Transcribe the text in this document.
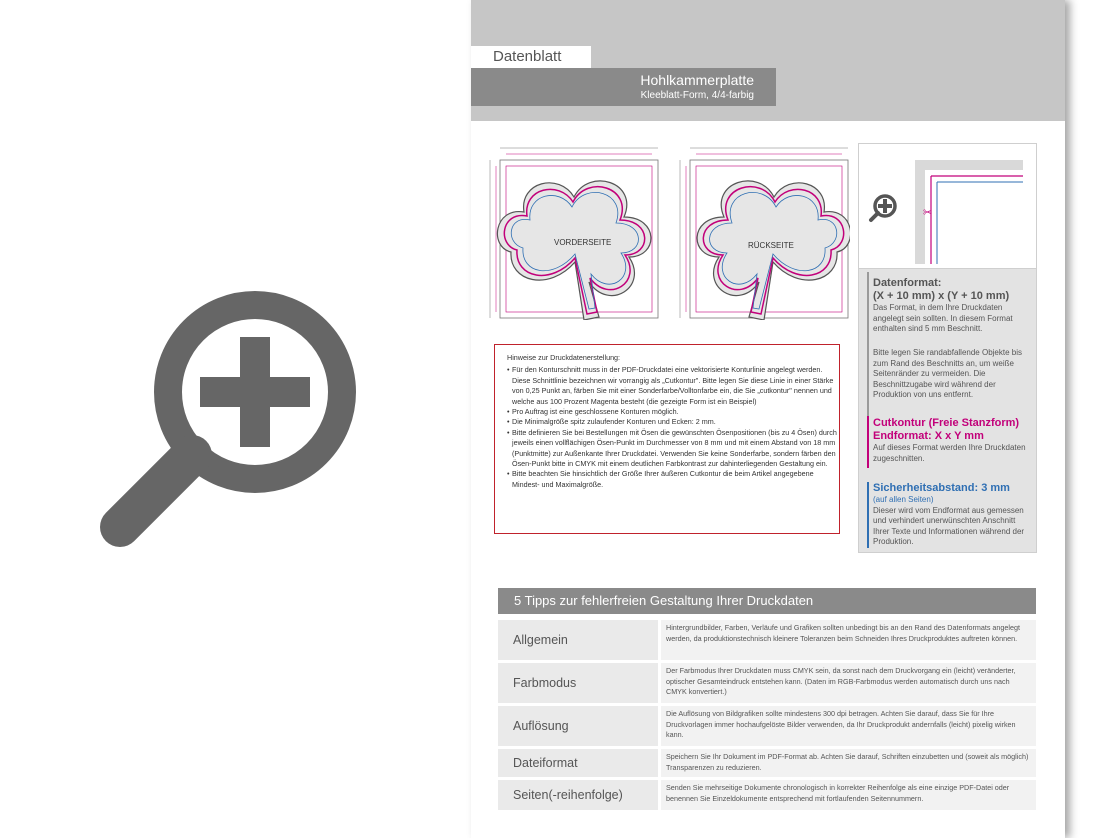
Datenblatt
Hohlkammerplatte
Kleeblatt-Form, 4/4-farbig
VORDERSEITE	RÜCKSEITE
✂
Datenformat:
(X + 10 mm) x (Y + 10 mm)
Das Format, in dem Ihre Druckdaten angelegt sein sollten. In diesem Format enthalten sind 5 mm Beschnitt.
Bitte legen Sie randabfallende Objekte bis zum Rand des Beschnitts an, um weiße Seitenränder zu vermeiden. Die Beschnittzugabe wird während der Produktion von uns entfernt.
Cutkontur (Freie Stanzform)
Endformat: X x Y mm
Auf dieses Format werden Ihre Druckdaten zugeschnitten.
Sicherheitsabstand: 3 mm
(auf allen Seiten)
Dieser wird vom Endformat aus gemessen und verhindert unerwünschten Anschnitt Ihrer Texte und Informationen während der Produktion.
Hinweise zur Druckdatenerstellung:
• Für den Konturschnitt muss in der PDF-Druckdatei eine vektorisierte Konturlinie angelegt werden. Diese Schnittlinie bezeichnen wir vorrangig als „Cutkontur". Bitte legen Sie diese Linie in einer Stärke von 0,25 Punkt an, färben Sie mit einer Sonderfarbe/Volltonfarbe ein, die Sie „cutkontur" nennen und welche aus 100 Prozent Magenta besteht (die gezeigte Form ist ein Beispiel)
• Pro Auftrag ist eine geschlossene Konturen möglich.
• Die Minimalgröße spitz zulaufender Konturen und Ecken: 2 mm.
• Bitte definieren Sie bei Bestellungen mit Ösen die gewünschten Ösenpositionen (bis zu 4 Ösen) durch jeweils einen vollflächigen Ösen-Punkt im Durchmesser von 8 mm und mit einem Abstand von 18 mm (Punktmitte) zur Außenkante Ihrer Druckdatei. Verwenden Sie keine Sonderfarbe, sondern färben den Ösen-Punkt bitte in CMYK mit einem deutlichen Farbkontrast zur dahinterliegenden Gestaltung ein.
• Bitte beachten Sie hinsichtlich der Größe Ihrer äußeren Cutkontur die beim Artikel angegebene Mindest- und Maximalgröße.
5 Tipps zur fehlerfreien Gestaltung Ihrer Druckdaten
Allgemein
Hintergrundbilder, Farben, Verläufe und Grafiken sollten unbedingt bis an den Rand des Datenformats angelegt werden, da produktionstechnisch kleinere Toleranzen beim Schneiden Ihres Druckproduktes auftreten können.
Farbmodus
Der Farbmodus Ihrer Druckdaten muss CMYK sein, da sonst nach dem Druckvorgang ein (leicht) veränderter, optischer Gesamteindruck entstehen kann. (Daten im RGB-Farbmodus werden automatisch durch uns nach CMYK konvertiert.)
Auflösung
Die Auflösung von Bildgrafiken sollte mindestens 300 dpi betragen. Achten Sie darauf, dass Sie für Ihre Druckvorlagen immer hochaufgelöste Bilder verwenden, da Ihr Druckprodukt andernfalls (leicht) pixelig wirken kann.
Dateiformat	Speichern Sie Ihr Dokument im PDF-Format ab. Achten Sie darauf, Schriften einzubetten und (soweit als möglich) Transparenzen zu reduzieren.
Seiten(-reihenfolge)
Senden Sie mehrseitige Dokumente chronologisch in korrekter Reihenfolge als eine einzige PDF-Datei oder benennen Sie Einzeldokumente entsprechend mit fortlaufenden Seitennummern.
